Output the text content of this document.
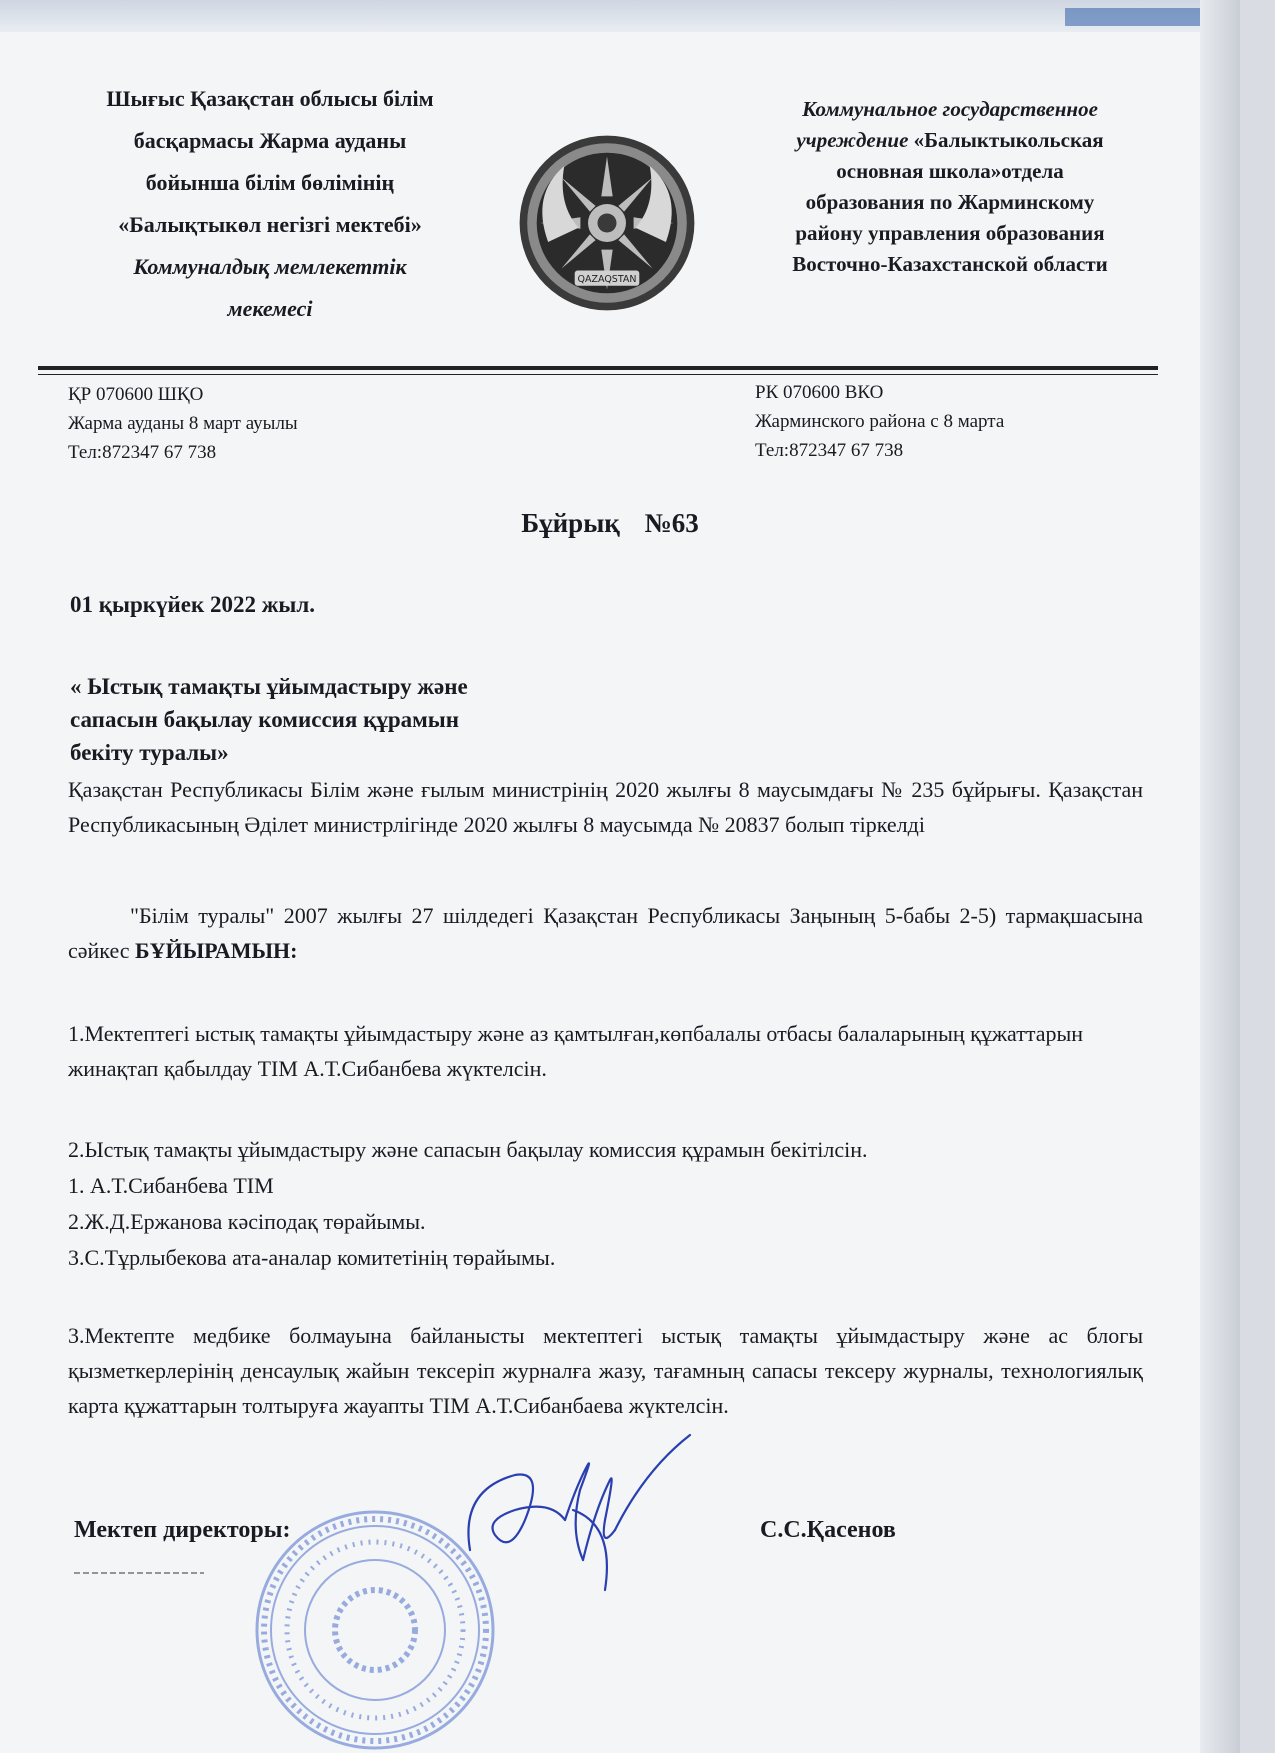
Шығыс Қазақстан облысы білім
басқармасы Жарма ауданы
бойынша білім бөлімінің
«Балықтыкөл негізгі мектебі»
Коммуналдық мемлекеттік
мекемесі
QAZAQSTAN
Коммунальное государственное
учреждение «Балыктыкольская
основная школа»отдела
образования по Жарминскому
району управления образования
Восточно-Казахстанской области
ҚР 070600 ШҚО
Жарма ауданы 8 март ауылы
Тел:872347 67 738
РК 070600 ВКО
Жарминского района с 8 марта
Тел:872347 67 738
Бұйрық №63
01 қыркүйек 2022 жыл.
« Ыстық тамақты ұйымдастыру және
сапасын бақылау комиссия құрамын
бекіту туралы»
Қазақстан Республикасы Білім және ғылым министрінің 2020 жылғы 8 маусымдағы № 235 бұйрығы. Қазақстан Республикасының Әділет министрлігінде 2020 жылғы 8 маусымда № 20837 болып тіркелді
"Білім туралы" 2007 жылғы 27 шілдедегі Қазақстан Республикасы Заңының 5-бабы 2-5) тармақшасына сәйкес БҰЙЫРАМЫН:
1.Мектептегі ыстық тамақты ұйымдастыру және аз қамтылған,көпбалалы отбасы балаларының құжаттарын жинақтап қабылдау ТІМ А.Т.Сибанбева жүктелсін.
2.Ыстық тамақты ұйымдастыру және сапасын бақылау комиссия құрамын бекітілсін.
1. А.Т.Сибанбева ТІМ
2.Ж.Д.Ержанова кәсіподақ төрайымы.
3.С.Тұрлыбекова ата-аналар комитетінің төрайымы.
3.Мектепте медбике болмауына байланысты мектептегі ыстық тамақты ұйымдастыру және ас блогы қызметкерлерінің денсаулық жайын тексеріп журналға жазу, тағамның сапасы тексеру журналы, технологиялық карта құжаттарын толтыруға жауапты ТІМ А.Т.Сибанбаева жүктелсін.
Мектеп директоры:	С.С.Қасенов
